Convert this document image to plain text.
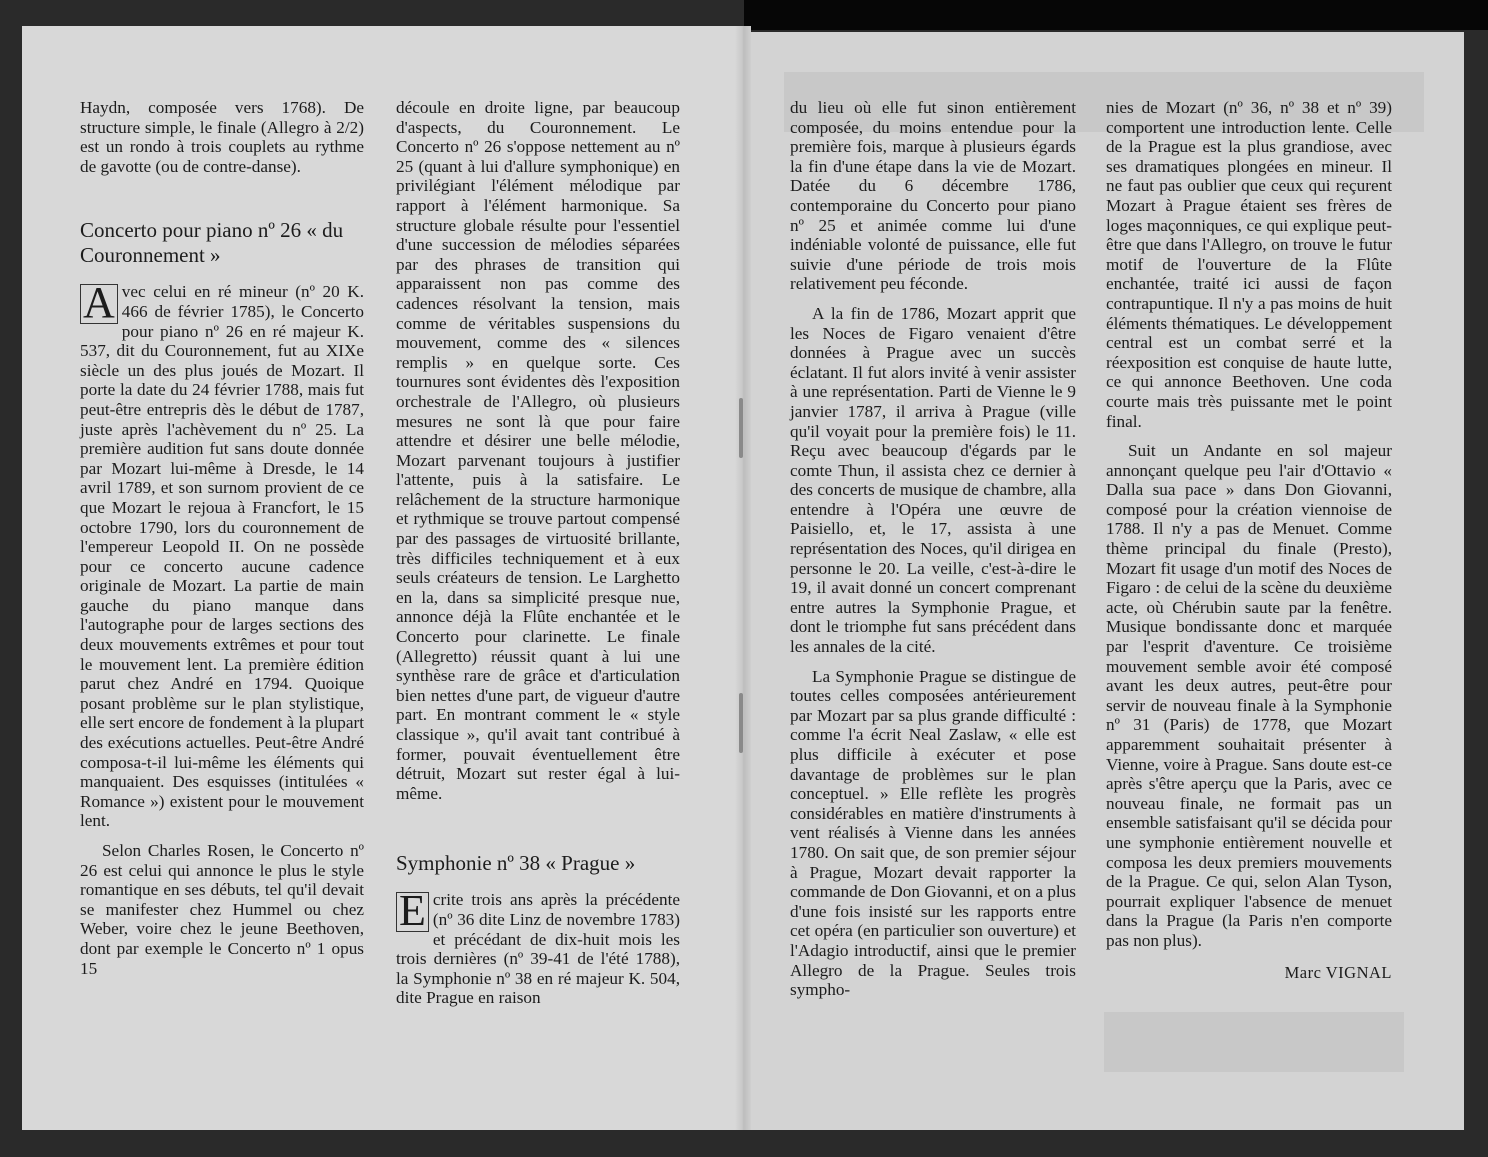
Haydn, composée vers 1768). De structure simple, le finale (Allegro à 2/2) est un rondo à trois couplets au rythme de gavotte (ou de contre-danse).

Concerto pour piano nº 26 « du Couronnement »

A vec celui en ré mineur (nº 20 K. 466 de février 1785), le Concerto pour piano nº 26 en ré majeur K. 537, dit du Couronnement, fut au XIXe siècle un des plus joués de Mozart. Il porte la date du 24 février 1788, mais fut peut-être entrepris dès le début de 1787, juste après l'achèvement du nº 25. La première audition fut sans doute donnée par Mozart lui-même à Dresde, le 14 avril 1789, et son surnom provient de ce que Mozart le rejoua à Francfort, le 15 octobre 1790, lors du couronnement de l'empereur Leopold II. On ne possède pour ce concerto aucune cadence originale de Mozart. La partie de main gauche du piano manque dans l'autographe pour de larges sections des deux mouvements extrêmes et pour tout le mouvement lent. La première édition parut chez André en 1794. Quoique posant problème sur le plan stylistique, elle sert encore de fondement à la plupart des exécutions actuelles. Peut-être André composa-t-il lui-même les éléments qui manquaient. Des esquisses (intitulées « Romance ») existent pour le mouvement lent.

Selon Charles Rosen, le Concerto nº 26 est celui qui annonce le plus le style romantique en ses débuts, tel qu'il devait se manifester chez Hummel ou chez Weber, voire chez le jeune Beethoven, dont par exemple le Concerto nº 1 opus 15

découle en droite ligne, par beaucoup d'aspects, du Couronnement. Le Concerto nº 26 s'oppose nettement au nº 25 (quant à lui d'allure symphonique) en privilégiant l'élément mélodique par rapport à l'élément harmonique. Sa structure globale résulte pour l'essentiel d'une succession de mélodies séparées par des phrases de transition qui apparaissent non pas comme des cadences résolvant la tension, mais comme de véritables suspensions du mouvement, comme des « silences remplis » en quelque sorte. Ces tournures sont évidentes dès l'exposition orchestrale de l'Allegro, où plusieurs mesures ne sont là que pour faire attendre et désirer une belle mélodie, Mozart parvenant toujours à justifier l'attente, puis à la satisfaire. Le relâchement de la structure harmonique et rythmique se trouve partout compensé par des passages de virtuosité brillante, très difficiles techniquement et à eux seuls créateurs de tension. Le Larghetto en la, dans sa simplicité presque nue, annonce déjà la Flûte enchantée et le Concerto pour clarinette. Le finale (Allegretto) réussit quant à lui une synthèse rare de grâce et d'articulation bien nettes d'une part, de vigueur d'autre part. En montrant comment le « style classique », qu'il avait tant contribué à former, pouvait éventuellement être détruit, Mozart sut rester égal à lui-même.

Symphonie nº 38 « Prague »

E crite trois ans après la précédente (nº 36 dite Linz de novembre 1783) et précédant de dix-huit mois les trois dernières (nº 39-41 de l'été 1788), la Symphonie nº 38 en ré majeur K. 504, dite Prague en raison

du lieu où elle fut sinon entièrement composée, du moins entendue pour la première fois, marque à plusieurs égards la fin d'une étape dans la vie de Mozart. Datée du 6 décembre 1786, contemporaine du Concerto pour piano nº 25 et animée comme lui d'une indéniable volonté de puissance, elle fut suivie d'une période de trois mois relativement peu féconde.

A la fin de 1786, Mozart apprit que les Noces de Figaro venaient d'être données à Prague avec un succès éclatant. Il fut alors invité à venir assister à une représentation. Parti de Vienne le 9 janvier 1787, il arriva à Prague (ville qu'il voyait pour la première fois) le 11. Reçu avec beaucoup d'égards par le comte Thun, il assista chez ce dernier à des concerts de musique de chambre, alla entendre à l'Opéra une œuvre de Paisiello, et, le 17, assista à une représentation des Noces, qu'il dirigea en personne le 20. La veille, c'est-à-dire le 19, il avait donné un concert comprenant entre autres la Symphonie Prague, et dont le triomphe fut sans précédent dans les annales de la cité.

La Symphonie Prague se distingue de toutes celles composées antérieurement par Mozart par sa plus grande difficulté : comme l'a écrit Neal Zaslaw, « elle est plus difficile à exécuter et pose davantage de problèmes sur le plan conceptuel. » Elle reflète les progrès considérables en matière d'instruments à vent réalisés à Vienne dans les années 1780. On sait que, de son premier séjour à Prague, Mozart devait rapporter la commande de Don Giovanni, et on a plus d'une fois insisté sur les rapports entre cet opéra (en particulier son ouverture) et l'Adagio introductif, ainsi que le premier Allegro de la Prague. Seules trois sympho-

nies de Mozart (nº 36, nº 38 et nº 39) comportent une introduction lente. Celle de la Prague est la plus grandiose, avec ses dramatiques plongées en mineur. Il ne faut pas oublier que ceux qui reçurent Mozart à Prague étaient ses frères de loges maçonniques, ce qui explique peut-être que dans l'Allegro, on trouve le futur motif de l'ouverture de la Flûte enchantée, traité ici aussi de façon contrapuntique. Il n'y a pas moins de huit éléments thématiques. Le développement central est un combat serré et la réexposition est conquise de haute lutte, ce qui annonce Beethoven. Une coda courte mais très puissante met le point final.

Suit un Andante en sol majeur annonçant quelque peu l'air d'Ottavio « Dalla sua pace » dans Don Giovanni, composé pour la création viennoise de 1788. Il n'y a pas de Menuet. Comme thème principal du finale (Presto), Mozart fit usage d'un motif des Noces de Figaro : de celui de la scène du deuxième acte, où Chérubin saute par la fenêtre. Musique bondissante donc et marquée par l'esprit d'aventure. Ce troisième mouvement semble avoir été composé avant les deux autres, peut-être pour servir de nouveau finale à la Symphonie nº 31 (Paris) de 1778, que Mozart apparemment souhaitait présenter à Vienne, voire à Prague. Sans doute est-ce après s'être aperçu que la Paris, avec ce nouveau finale, ne formait pas un ensemble satisfaisant qu'il se décida pour une symphonie entièrement nouvelle et composa les deux premiers mouvements de la Prague. Ce qui, selon Alan Tyson, pourrait expliquer l'absence de menuet dans la Prague (la Paris n'en comporte pas non plus).

Marc VIGNAL
